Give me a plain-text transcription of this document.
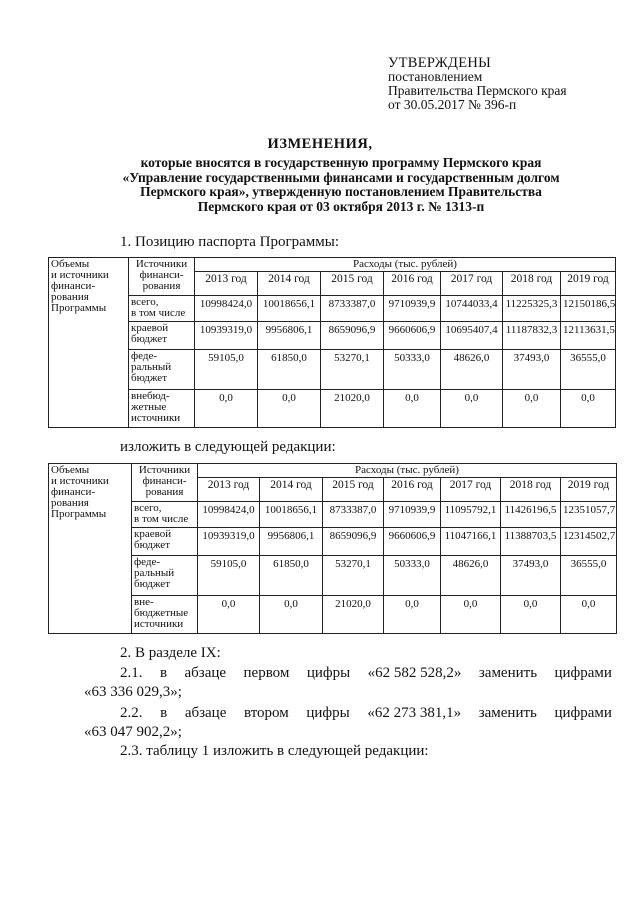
УТВЕРЖДЕНЫ
постановлением
Правительства Пермского края
от 30.05.2017 № 396-п
ИЗМЕНЕНИЯ,
которые вносятся в государственную программу Пермского края
«Управление государственными финансами и государственным долгом
Пермского края», утвержденную постановлением Правительства
Пермского края от 03 октября 2013 г. № 1313-п
1. Позицию паспорта Программы:
Объемы
и источники
финанси-
рования
Программы	Источники
финанси-
рования	Расходы (тыс. рублей)						
		2013 год	2014 год	2015 год	2016 год	2017 год	2018 год	2019 год
	всего,
в том числе	10998424,0	10018656,1	8733387,0	9710939,9	10744033,4	11225325,3	12150186,5
	краевой
бюджет	10939319,0	9956806,1	8659096,9	9660606,9	10695407,4	11187832,3	12113631,5
	феде-
ральный
бюджет	59105,0	61850,0	53270,1	50333,0	48626,0	37493,0	36555,0
	внебюд-
жетные
источники	0,0	0,0	21020,0	0,0	0,0	0,0	0,0
изложить в следующей редакции:
Объемы
и источники
финанси-
рования
Программы	Источники
финанси-
рования	Расходы (тыс. рублей)						
		2013 год	2014 год	2015 год	2016 год	2017 год	2018 год	2019 год
	всего,
в том числе	10998424,0	10018656,1	8733387,0	9710939,9	11095792,1	11426196,5	12351057,7
	краевой
бюджет	10939319,0	9956806,1	8659096,9	9660606,9	11047166,1	11388703,5	12314502,7
	феде-
ральный
бюджет	59105,0	61850,0	53270,1	50333,0	48626,0	37493,0	36555,0
	вне-
бюджетные
источники	0,0	0,0	21020,0	0,0	0,0	0,0	0,0
2. В разделе IX:
2.1. в абзаце первом цифры «62 582 528,2» заменить цифрами
«63 336 029,3»;
2.2. в абзаце втором цифры «62 273 381,1» заменить цифрами
«63 047 902,2»;
2.3. таблицу 1 изложить в следующей редакции:
